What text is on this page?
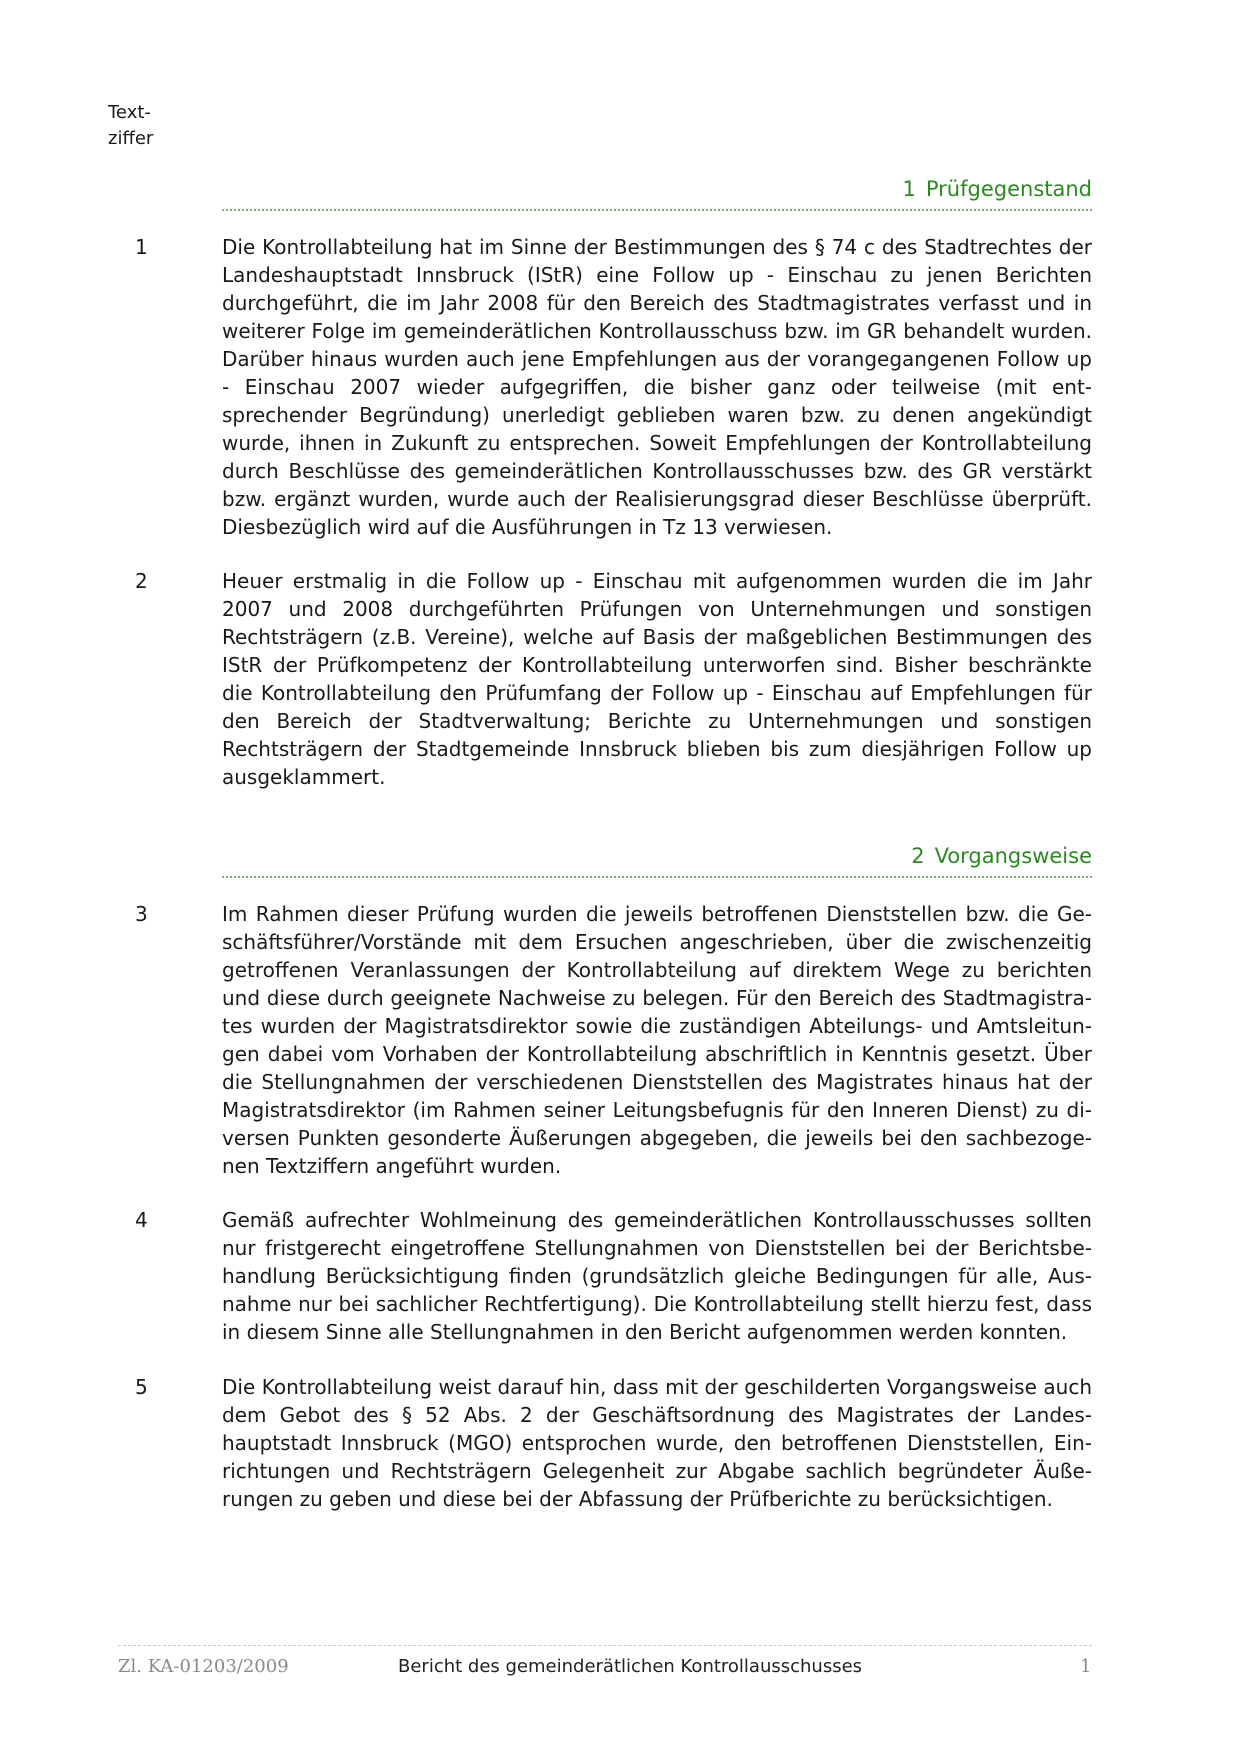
Text-
ziffer
1 Prüfgegenstand
1	Die Kontrollabteilung hat im Sinne der Bestimmungen des § 74 c des Stadtrechtes der Landeshauptstadt Innsbruck (IStR) eine Follow up - Einschau zu jenen Berichten durchgeführt, die im Jahr 2008 für den Bereich des Stadtmagistrates verfasst und in weiterer Folge im gemeinderätlichen Kontrollausschuss bzw. im GR behandelt wurden. Darüber hinaus wurden auch jene Empfehlungen aus der vorangegangenen Follow up - Einschau 2007 wieder aufgegriffen, die bisher ganz oder teilweise (mit entsprechender Begründung) unerledigt geblieben waren bzw. zu denen angekündigt wurde, ihnen in Zukunft zu entsprechen. Soweit Empfehlungen der Kontrollabteilung durch Beschlüsse des gemeinderätlichen Kontrollausschusses bzw. des GR verstärkt bzw. ergänzt wurden, wurde auch der Realisierungsgrad dieser Beschlüsse überprüft. Diesbezüglich wird auf die Ausführungen in Tz 13 verwiesen.
2	Heuer erstmalig in die Follow up - Einschau mit aufgenommen wurden die im Jahr 2007 und 2008 durchgeführten Prüfungen von Unternehmungen und sonstigen Rechtsträgern (z.B. Vereine), welche auf Basis der maßgeblichen Bestimmungen des IStR der Prüfkompetenz der Kontrollabteilung unterworfen sind. Bisher beschränkte die Kontrollabteilung den Prüfumfang der Follow up - Einschau auf Empfehlungen für den Bereich der Stadtverwaltung; Berichte zu Unternehmungen und sonstigen Rechtsträgern der Stadtgemeinde Innsbruck blieben bis zum diesjährigen Follow up ausgeklammert.
2 Vorgangsweise
3	Im Rahmen dieser Prüfung wurden die jeweils betroffenen Dienststellen bzw. die Geschäftsführer/Vorstände mit dem Ersuchen angeschrieben, über die zwischenzeitig getroffenen Veranlassungen der Kontrollabteilung auf direktem Wege zu berichten und diese durch geeignete Nachweise zu belegen. Für den Bereich des Stadtmagistrates wurden der Magistratsdirektor sowie die zuständigen Abteilungs- und Amtsleitungen dabei vom Vorhaben der Kontrollabteilung abschriftlich in Kenntnis gesetzt. Über die Stellungnahmen der verschiedenen Dienststellen des Magistrates hinaus hat der Magistratsdirektor (im Rahmen seiner Leitungsbefugnis für den Inneren Dienst) zu diversen Punkten gesonderte Äußerungen abgegeben, die jeweils bei den sachbezogenen Textziffern angeführt wurden.
4	Gemäß aufrechter Wohlmeinung des gemeinderätlichen Kontrollausschusses sollten nur fristgerecht eingetroffene Stellungnahmen von Dienststellen bei der Berichtsbehandlung Berücksichtigung finden (grundsätzlich gleiche Bedingungen für alle, Ausnahme nur bei sachlicher Rechtfertigung). Die Kontrollabteilung stellt hierzu fest, dass in diesem Sinne alle Stellungnahmen in den Bericht aufgenommen werden konnten.
5	Die Kontrollabteilung weist darauf hin, dass mit der geschilderten Vorgangsweise auch dem Gebot des § 52 Abs. 2 der Geschäftsordnung des Magistrates der Landeshauptstadt Innsbruck (MGO) entsprochen wurde, den betroffenen Dienststellen, Einrichtungen und Rechtsträgern Gelegenheit zur Abgabe sachlich begründeter Äußerungen zu geben und diese bei der Abfassung der Prüfberichte zu berücksichtigen.
Zl. KA-01203/2009	Bericht des gemeinderätlichen Kontrollausschusses	1
